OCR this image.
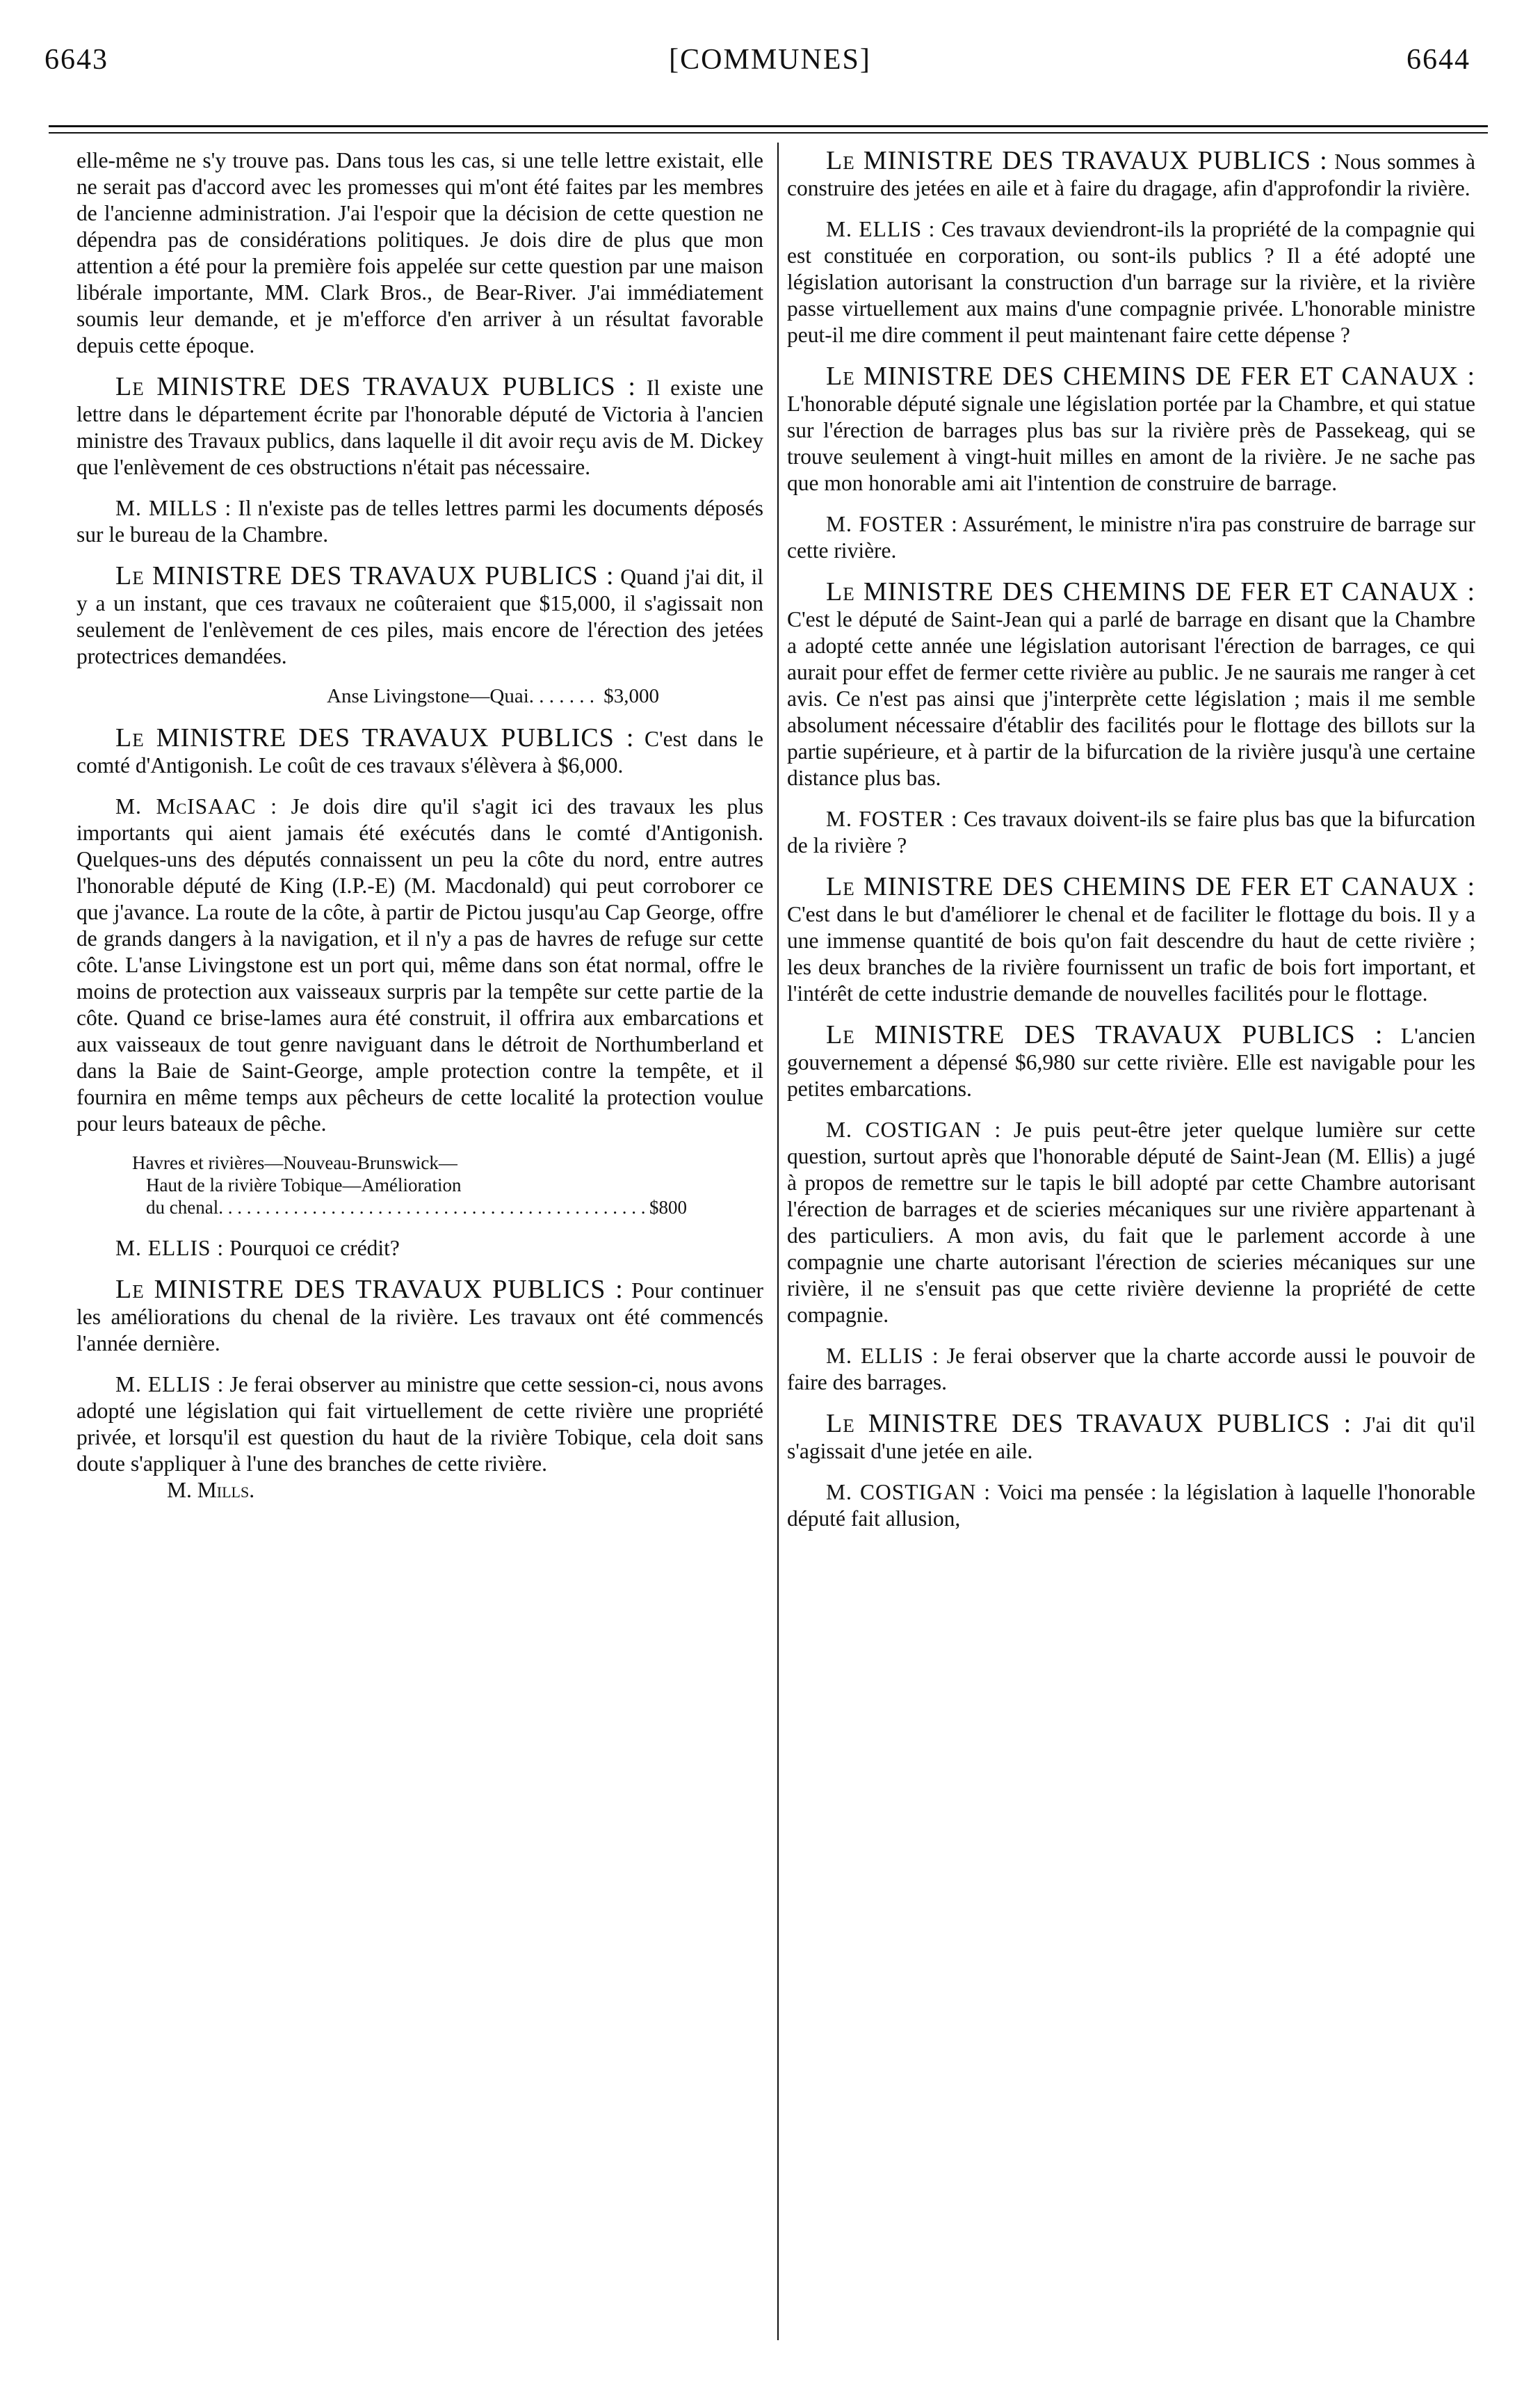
6643	[COMMUNES]	6644

elle-même ne s'y trouve pas. Dans tous les cas, si une telle lettre existait, elle ne serait pas d'accord avec les promesses qui m'ont été faites par les membres de l'ancienne administration. J'ai l'espoir que la décision de cette question ne dépendra pas de considérations politiques. Je dois dire de plus que mon attention a été pour la première fois appelée sur cette question par une maison libérale importante, MM. Clark Bros., de Bear-River. J'ai immédiatement soumis leur demande, et je m'efforce d'en arriver à un résultat favorable depuis cette époque.

Le MINISTRE DES TRAVAUX PUBLICS : Il existe une lettre dans le département écrite par l'honorable député de Victoria à l'ancien ministre des Travaux publics, dans laquelle il dit avoir reçu avis de M. Dickey que l'enlèvement de ces obstructions n'était pas nécessaire.

M. MILLS : Il n'existe pas de telles lettres parmi les documents déposés sur le bureau de la Chambre.

Le MINISTRE DES TRAVAUX PUBLICS : Quand j'ai dit, il y a un instant, que ces travaux ne coûteraient que $15,000, il s'agissait non seulement de l'enlèvement de ces piles, mais encore de l'érection des jetées protectrices demandées.

Anse Livingstone—Quai . . .	$3,000

Le MINISTRE DES TRAVAUX PUBLICS : C'est dans le comté d'Antigonish. Le coût de ces travaux s'élèvera à $6,000.

M. McISAAC : Je dois dire qu'il s'agit ici des travaux les plus importants qui aient jamais été exécutés dans le comté d'Antigonish. Quelques-uns des députés connaissent un peu la côte du nord, entre autres l'honorable député de King (I.P.-E) (M. Macdonald) qui peut corroborer ce que j'avance. La route de la côte, à partir de Pictou jusqu'au Cap George, offre de grands dangers à la navigation, et il n'y a pas de havres de refuge sur cette côte. L'anse Livingstone est un port qui, même dans son état normal, offre le moins de protection aux vaisseaux surpris par la tempête sur cette partie de la côte. Quand ce brise-lames aura été construit, il offrira aux embarcations et aux vaisseaux de tout genre naviguant dans le détroit de Northumberland et dans la Baie de Saint-George, ample protection contre la tempête, et il fournira en même temps aux pêcheurs de cette localité la protection voulue pour leurs bateaux de pêche.

Havres et rivières—Nouveau-Brunswick—
Haut de la rivière Tobique—Amélioration
du chenal . . .	$800

M. ELLIS : Pourquoi ce crédit?

Le MINISTRE DES TRAVAUX PUBLICS : Pour continuer les améliorations du chenal de la rivière. Les travaux ont été commencés l'année dernière.

M. ELLIS : Je ferai observer au ministre que cette session-ci, nous avons adopté une législation qui fait virtuellement de cette rivière une propriété privée, et lorsqu'il est question du haut de la rivière Tobique, cela doit sans doute s'appliquer à l'une des branches de cette rivière.

M. Mills.

Le MINISTRE DES TRAVAUX PUBLICS : Nous sommes à construire des jetées en aile et à faire du dragage, afin d'approfondir la rivière.

M. ELLIS : Ces travaux deviendront-ils la propriété de la compagnie qui est constituée en corporation, ou sont-ils publics ? Il a été adopté une législation autorisant la construction d'un barrage sur la rivière, et la rivière passe virtuellement aux mains d'une compagnie privée. L'honorable ministre peut-il me dire comment il peut maintenant faire cette dépense ?

Le MINISTRE DES CHEMINS DE FER ET CANAUX : L'honorable député signale une législation portée par la Chambre, et qui statue sur l'érection de barrages plus bas sur la rivière près de Passekeag, qui se trouve seulement à vingt-huit milles en amont de la rivière. Je ne sache pas que mon honorable ami ait l'intention de construire de barrage.

M. FOSTER : Assurément, le ministre n'ira pas construire de barrage sur cette rivière.

Le MINISTRE DES CHEMINS DE FER ET CANAUX : C'est le député de Saint-Jean qui a parlé de barrage en disant que la Chambre a adopté cette année une législation autorisant l'érection de barrages, ce qui aurait pour effet de fermer cette rivière au public. Je ne saurais me ranger à cet avis. Ce n'est pas ainsi que j'interprète cette législation ; mais il me semble absolument nécessaire d'établir des facilités pour le flottage des billots sur la partie supérieure, et à partir de la bifurcation de la rivière jusqu'à une certaine distance plus bas.

M. FOSTER : Ces travaux doivent-ils se faire plus bas que la bifurcation de la rivière ?

Le MINISTRE DES CHEMINS DE FER ET CANAUX : C'est dans le but d'améliorer le chenal et de faciliter le flottage du bois. Il y a une immense quantité de bois qu'on fait descendre du haut de cette rivière ; les deux branches de la rivière fournissent un trafic de bois fort important, et l'intérêt de cette industrie demande de nouvelles facilités pour le flottage.

Le MINISTRE DES TRAVAUX PUBLICS : L'ancien gouvernement a dépensé $6,980 sur cette rivière. Elle est navigable pour les petites embarcations.

M. COSTIGAN : Je puis peut-être jeter quelque lumière sur cette question, surtout après que l'honorable député de Saint-Jean (M. Ellis) a jugé à propos de remettre sur le tapis le bill adopté par cette Chambre autorisant l'érection de barrages et de scieries mécaniques sur une rivière appartenant à des particuliers. A mon avis, du fait que le parlement accorde à une compagnie une charte autorisant l'érection de scieries mécaniques sur une rivière, il ne s'ensuit pas que cette rivière devienne la propriété de cette compagnie.

M. ELLIS : Je ferai observer que la charte accorde aussi le pouvoir de faire des barrages.

Le MINISTRE DES TRAVAUX PUBLICS : J'ai dit qu'il s'agissait d'une jetée en aile.

M. COSTIGAN : Voici ma pensée : la législation à laquelle l'honorable député fait allusion,
